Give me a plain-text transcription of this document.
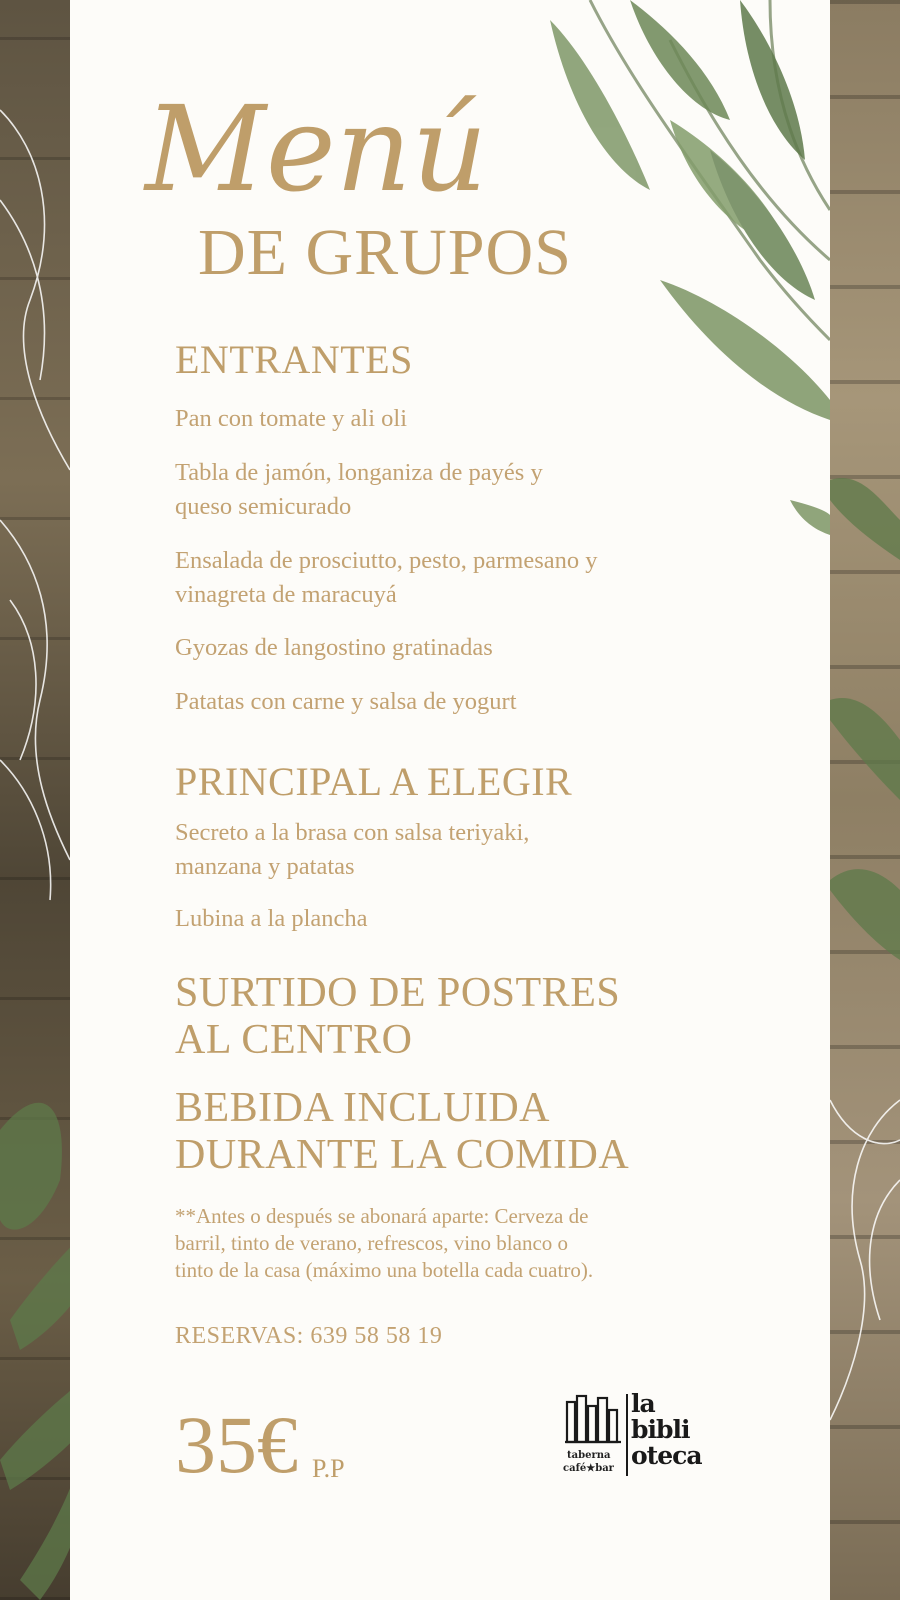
Menú
DE GRUPOS
ENTRANTES
Pan con tomate y ali oli
Tabla de jamón, longaniza de payés y
queso semicurado
Ensalada de prosciutto, pesto, parmesano y
vinagreta de maracuyá
Gyozas de langostino gratinadas
Patatas con carne y salsa de yogurt
PRINCIPAL A ELEGIR
Secreto a la brasa con salsa teriyaki,
manzana y patatas
Lubina a la plancha
SURTIDO DE POSTRES
AL CENTRO
BEBIDA INCLUIDA
DURANTE LA COMIDA
**Antes o después se abonará aparte: Cerveza de
barril, tinto de verano, refrescos, vino blanco o
tinto de la casa (máximo una botella cada cuatro).
RESERVAS: 639 58 58 19
35€ P.P	taberna
café★bar
la
bibli
oteca
